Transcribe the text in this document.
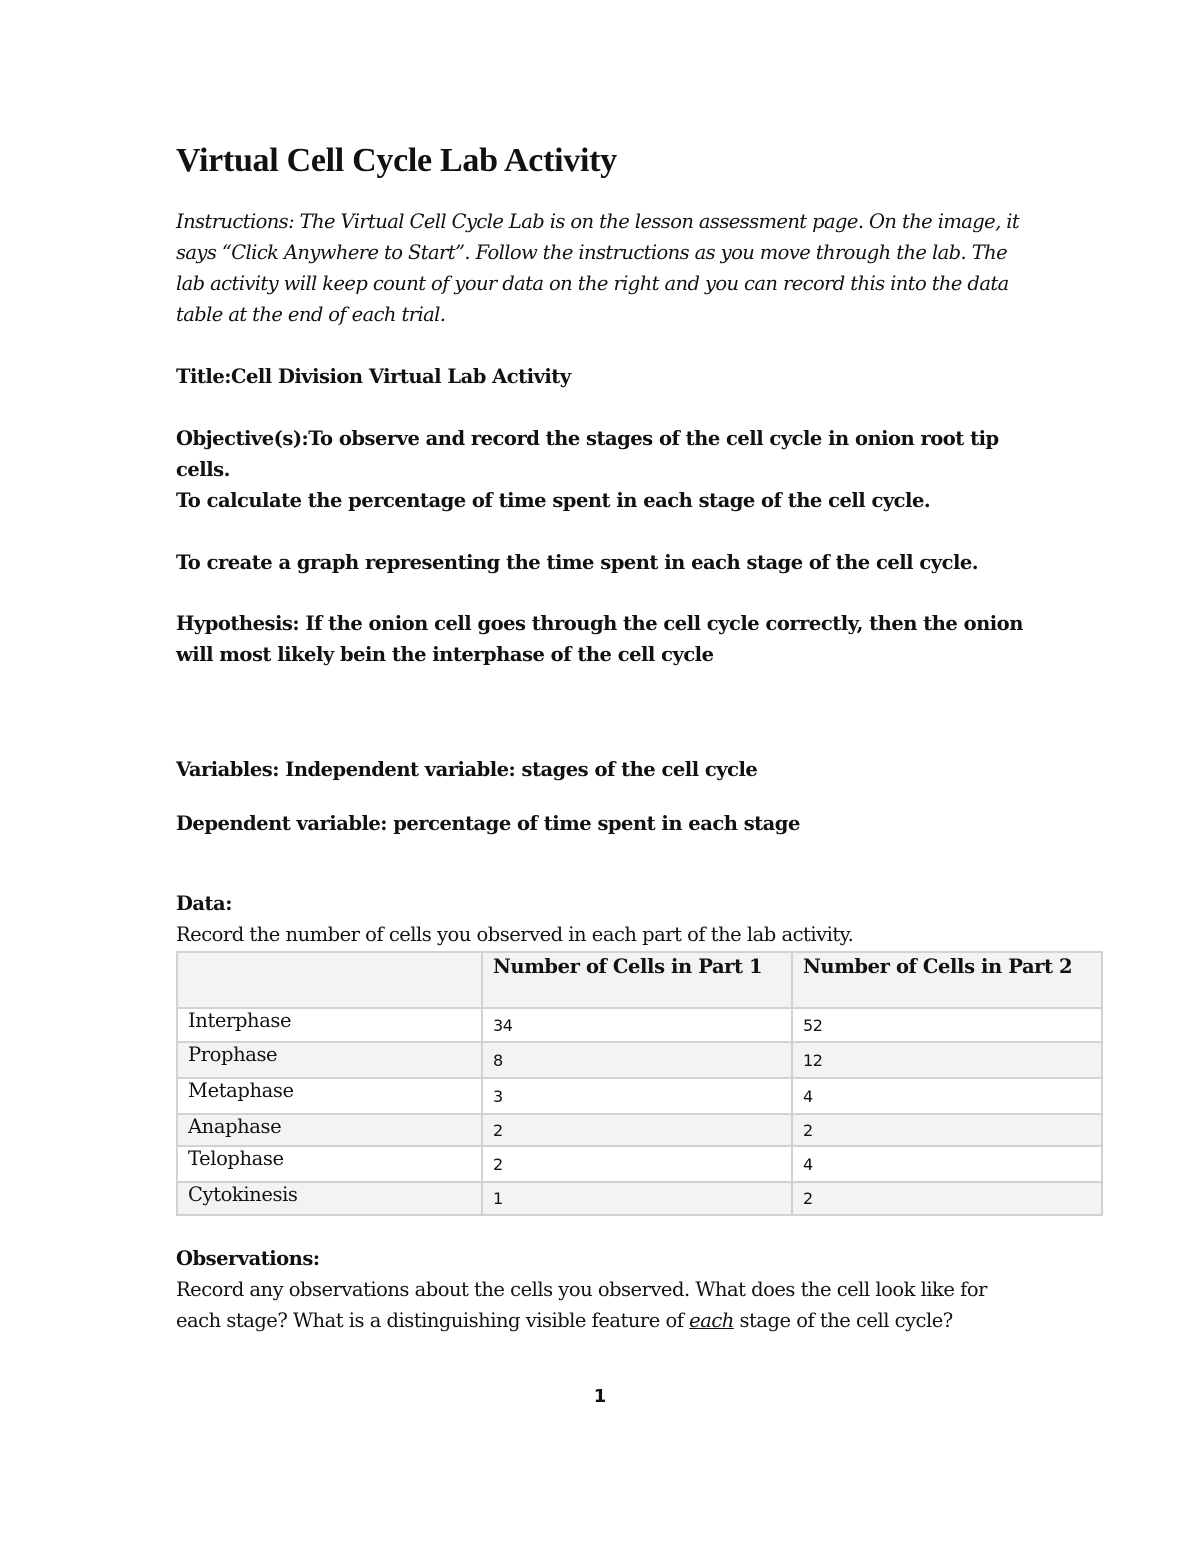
Virtual Cell Cycle Lab Activity

Instructions: The Virtual Cell Cycle Lab is on the lesson assessment page. On the image, it says “Click Anywhere to Start”. Follow the instructions as you move through the lab. The lab activity will keep count of your data on the right and you can record this into the data table at the end of each trial.

Title:Cell Division Virtual Lab Activity

Objective(s):To observe and record the stages of the cell cycle in onion root tip cells.

To calculate the percentage of time spent in each stage of the cell cycle.

To create a graph representing the time spent in each stage of the cell cycle.

Hypothesis: If the onion cell goes through the cell cycle correctly, then the onion will most likely bein the interphase of the cell cycle

Variables: Independent variable: stages of the cell cycle

Dependent variable: percentage of time spent in each stage

Data:

Record the number of cells you observed in each part of the lab activity.

	Number of Cells in Part 1	Number of Cells in Part 2
Interphase	34	52
Prophase	8	12
Metaphase	3	4
Anaphase	2	2
Telophase	2	4
Cytokinesis	1	2

Observations:

Record any observations about the cells you observed. What does the cell look like for each stage? What is a distinguishing visible feature of each stage of the cell cycle?

1
